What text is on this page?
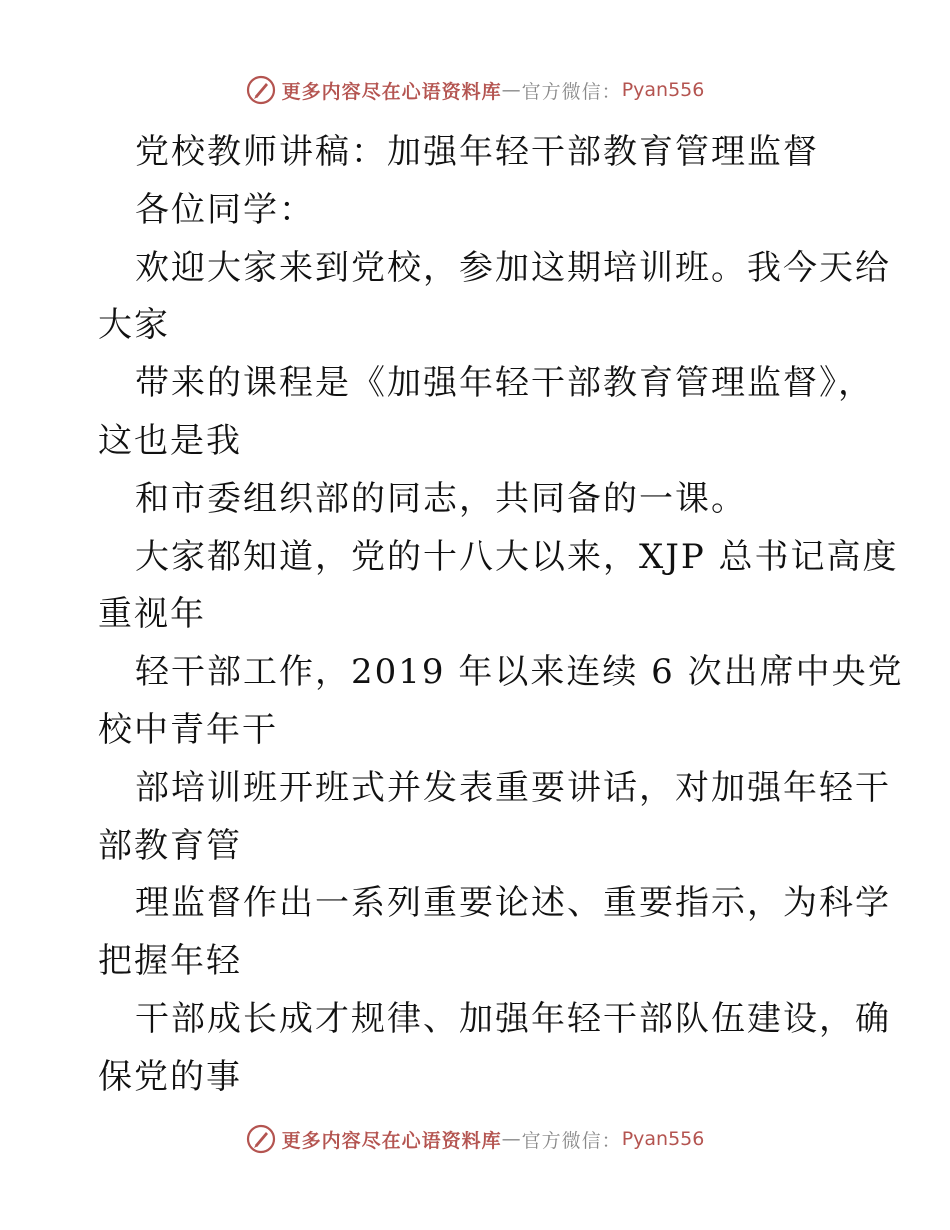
更多内容尽在心语资料库 — 官方微信： Pyan556
党校教师讲稿：加强年轻干部教育管理监督
各位同学：
欢迎大家来到党校，参加这期培训班。我今天给
大家
带来的课程是《加强年轻干部教育管理监督》，
这也是我
和市委组织部的同志，共同备的一课。
大家都知道，党的十八大以来，XJP 总书记高度
重视年
轻干部工作，2019 年以来连续 6 次出席中央党
校中青年干
部培训班开班式并发表重要讲话，对加强年轻干
部教育管
理监督作出一系列重要论述、重要指示，为科学
把握年轻
干部成长成才规律、加强年轻干部队伍建设，确
保党的事
更多内容尽在心语资料库 — 官方微信： Pyan556
